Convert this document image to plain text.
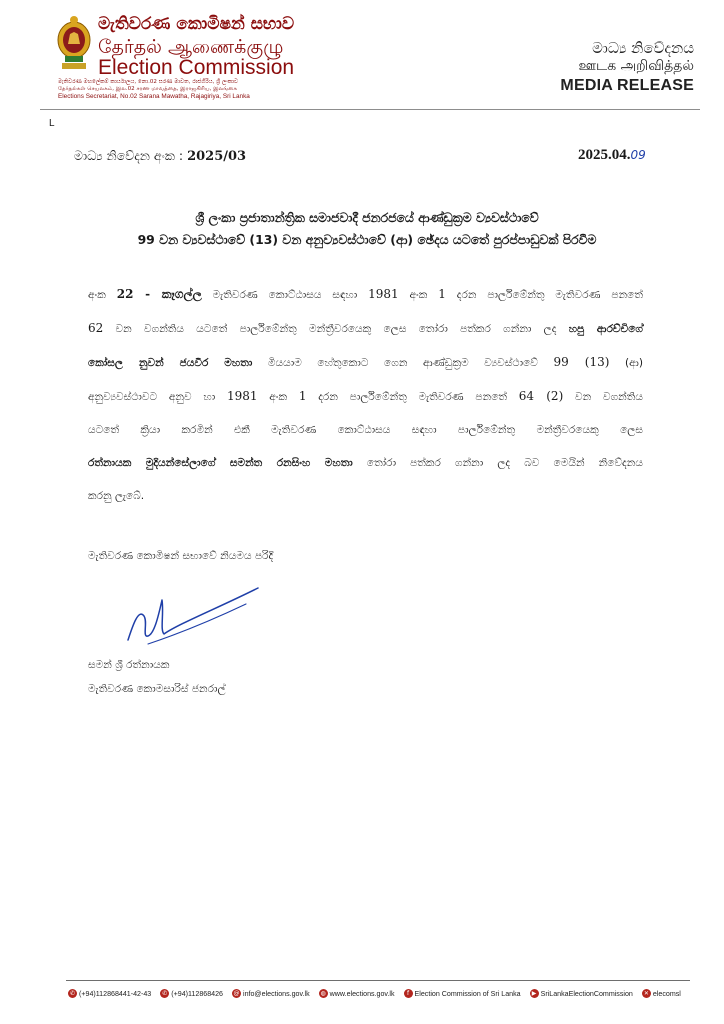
මැතිවරණ කොමිෂන් සභාව
தேர்தல் ஆணைக்குழு
Election Commission
මැතිවරණ මහලේකම් කාර්යාලය, නො.02 සරණ මාවත, රාජගිරිය, ශ්‍රී ලංකාව
தேர்தல்கள் செயலகம், இல.02 சரண மாவத்தை, இராஜகிரிய, இலங்கை
Elections Secretariat, No.02 Sarana Mawatha, Rajagiriya, Sri Lanka
මාධ්‍ය නිවේදනය
ஊடக அறிவித்தல்
MEDIA RELEASE
L
මාධ්‍ය නිවේදන අංක : 2025/03	2025.04.09
ශ්‍රී ලංකා ප්‍රජාතාන්ත්‍රික සමාජවාදී ජනරජයේ ආණ්ඩුක්‍රම ව්‍යවස්ථාවේ
99 වන ව්‍යවස්ථාවේ (13) වන අනුව්‍යවස්ථාවේ (ආ) ඡේදය යටතේ පුරප්පාඩුවක් පිරවීම
අංක 22 - කෑගල්ල මැතිවරණ කොට්ඨාසය සඳහා 1981 අංක 1 දරන පාර්ලිමේන්තු මැතිවරණ පනතේ
62 වන වගන්තිය යටතේ පාර්ලිමේන්තු මන්ත්‍රීවරයෙකු ලෙස තෝරා පත්කර ගන්නා ලද හපු ආරච්චිගේ
කෝසල නුවන් ජයවීර මහතා මියයාම හේතුකොට ගෙන ආණ්ඩුක්‍රම ව්‍යවස්ථාවේ 99 (13) (ආ)
අනුව්‍යවස්ථාවට අනුව හා 1981 අංක 1 දරන පාර්ලිමේන්තු මැතිවරණ පනතේ 64 (2) වන වගන්තිය
යටතේ ක්‍රියා කරමින් එකී මැතිවරණ කොට්ඨාසය සඳහා පාර්ලිමේන්තු මන්ත්‍රීවරයෙකු ලෙස
රත්නායක මුදියන්සේලාගේ සමන්ත රනසිංහ මහතා තෝරා පත්කර ගන්නා ලද බව මෙයින් නිවේදනය
කරනු ලැබේ.
මැතිවරණ කොමිෂන් සභාවේ නියමය පරිදි
සමන් ශ්‍රී රත්නායක
මැතිවරණ කොමසාරිස් ජනරාල්
✆ (+94)112868441-42-43	✆ (+94)112868426 @ info@elections.gov.lk	◍ www.elections.gov.lk	f Election Commission of Sri Lanka	▶ SriLankaElectionCommission	✕ elecomsl
